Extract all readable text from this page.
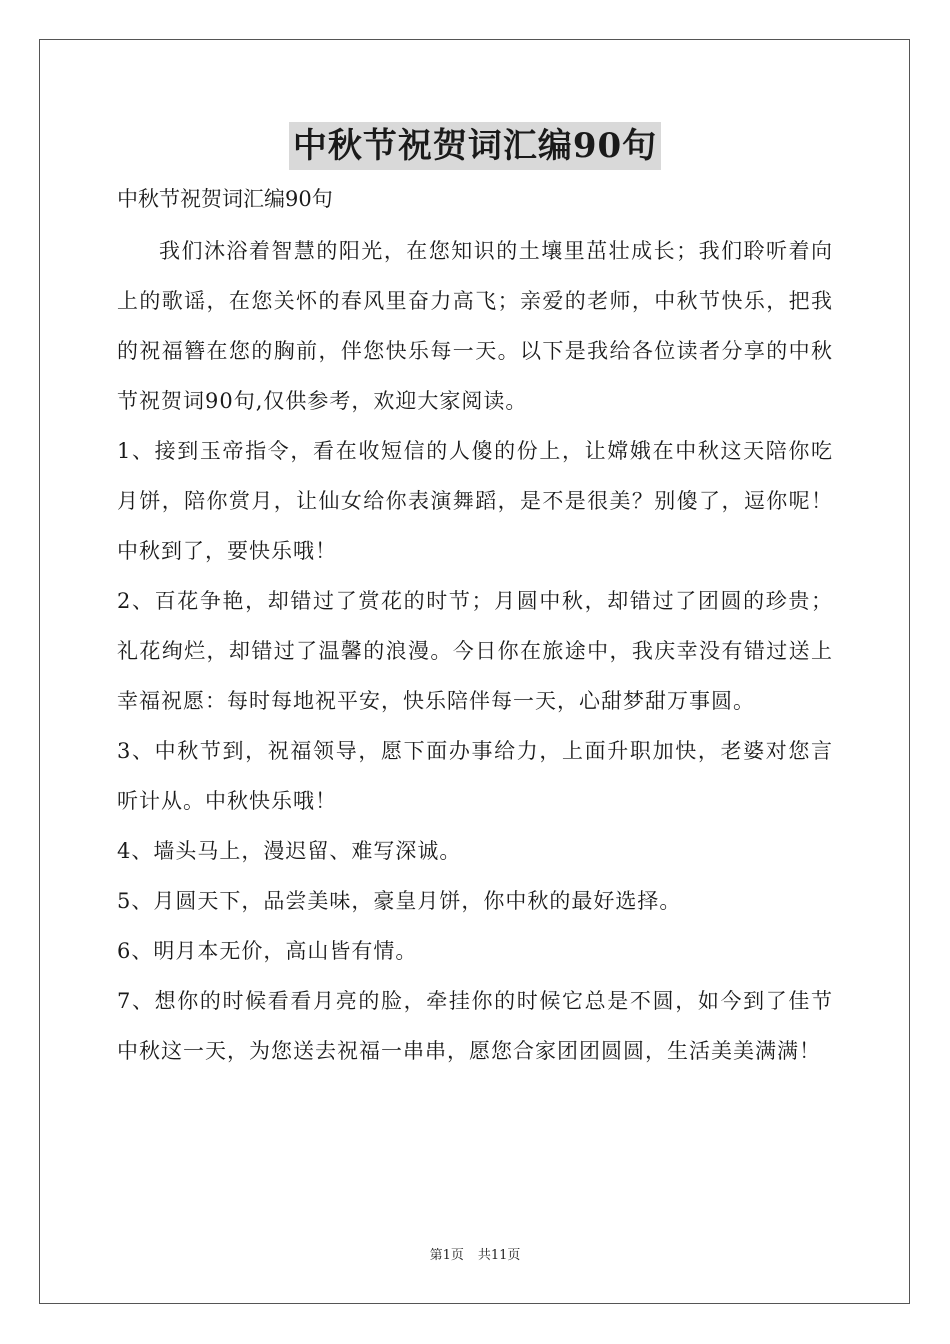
中秋节祝贺词汇编90句
中秋节祝贺词汇编90句

我们沐浴着智慧的阳光，在您知识的土壤里茁壮成长；我们聆听着向上的歌谣，在您关怀的春风里奋力高飞；亲爱的老师，中秋节快乐，把我的祝福簪在您的胸前，伴您快乐每一天。以下是我给各位读者分享的中秋节祝贺词90句,仅供参考，欢迎大家阅读。

1、接到玉帝指令，看在收短信的人傻的份上，让嫦娥在中秋这天陪你吃月饼，陪你赏月，让仙女给你表演舞蹈，是不是很美？别傻了，逗你呢！中秋到了，要快乐哦！

2、百花争艳，却错过了赏花的时节；月圆中秋，却错过了团圆的珍贵；礼花绚烂，却错过了温馨的浪漫。今日你在旅途中，我庆幸没有错过送上幸福祝愿：每时每地祝平安，快乐陪伴每一天，心甜梦甜万事圆。

3、中秋节到，祝福领导，愿下面办事给力，上面升职加快，老婆对您言听计从。中秋快乐哦！

4、墙头马上，漫迟留、难写深诚。

5、月圆天下，品尝美味，豪皇月饼，你中秋的最好选择。

6、明月本无价，高山皆有情。

7、想你的时候看看月亮的脸，牵挂你的时候它总是不圆，如今到了佳节中秋这一天，为您送去祝福一串串，愿您合家团团圆圆，生活美美满满！

第1页 共11页
